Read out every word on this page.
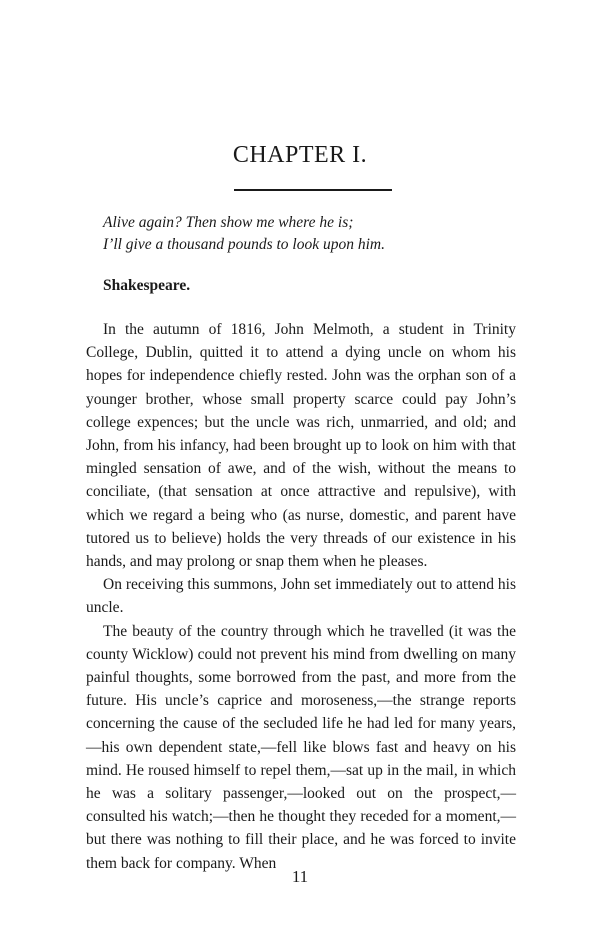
CHAPTER I.
Alive again? Then show me where he is;
I’ll give a thousand pounds to look upon him.
Shakespeare.

In the autumn of 1816, John Melmoth, a student in Trinity College, Dublin, quitted it to attend a dying uncle on whom his hopes for independence chiefly rested. John was the orphan son of a younger brother, whose small property scarce could pay John’s college expences; but the uncle was rich, unmarried, and old; and John, from his infancy, had been brought up to look on him with that mingled sensation of awe, and of the wish, without the means to conciliate, (that sensation at once attractive and repulsive), with which we regard a being who (as nurse, domestic, and parent have tutored us to believe) holds the very threads of our existence in his hands, and may prolong or snap them when he pleases.

On receiving this summons, John set immediately out to attend his uncle.

The beauty of the country through which he travelled (it was the county Wicklow) could not prevent his mind from dwelling on many painful thoughts, some borrowed from the past, and more from the future. His uncle’s caprice and moroseness,—the strange reports concerning the cause of the secluded life he had led for many years,—his own dependent state,—fell like blows fast and heavy on his mind. He roused himself to repel them,—sat up in the mail, in which he was a solitary passenger,—looked out on the prospect,—consulted his watch;—then he thought they receded for a moment,—but there was nothing to fill their place, and he was forced to invite them back for company. When

11
